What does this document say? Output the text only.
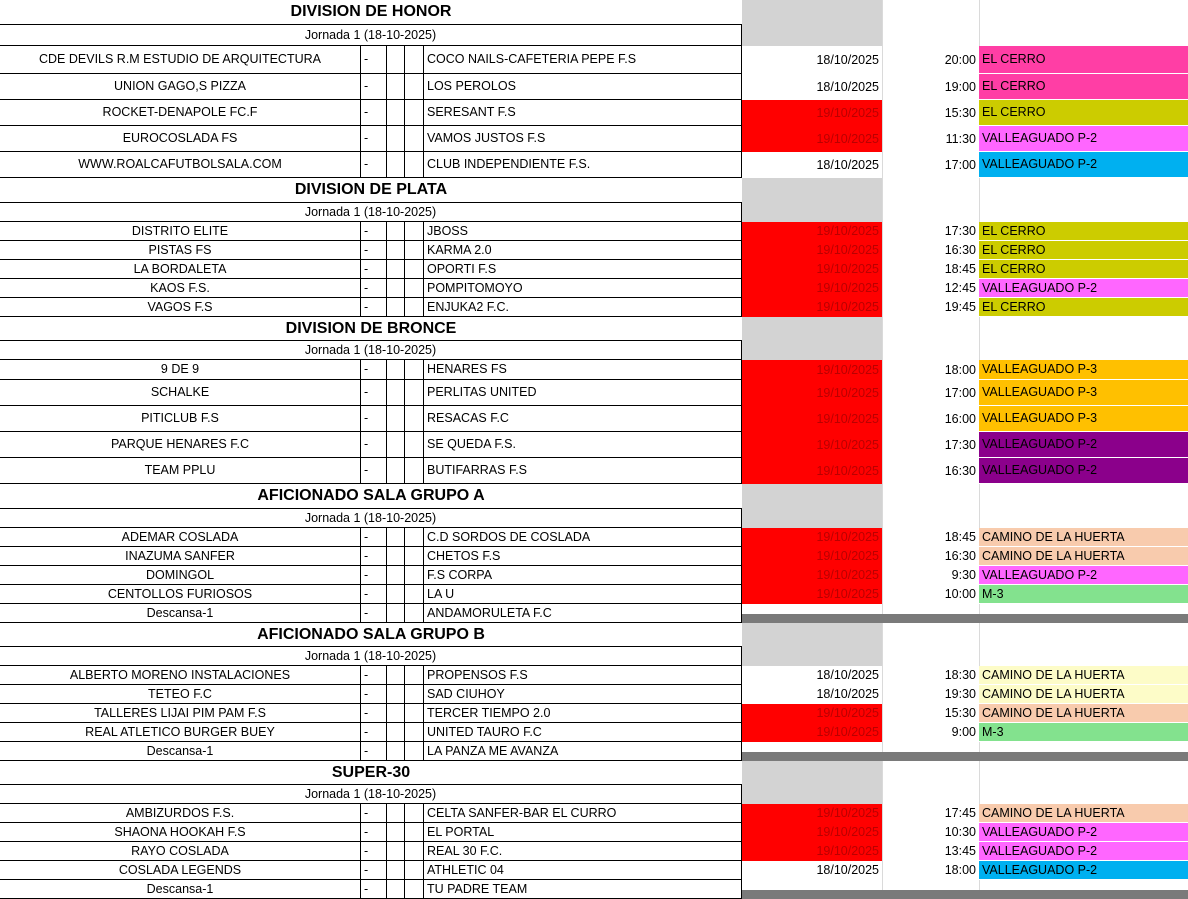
DIVISION DE HONOR
Jornada 1 (18-10-2025)
CDE DEVILS R.M ESTUDIO DE ARQUITECTURA	-	COCO NAILS-CAFETERIA PEPE F.S	18/10/2025	20:00 EL CERRO
UNION GAGO,S PIZZA	-	LOS PEROLOS	18/10/2025	19:00 EL CERRO
ROCKET-DENAPOLE FC.F	-	SERESANT F.S	19/10/2025	15:30 EL CERRO
EUROCOSLADA FS	-	VAMOS JUSTOS F.S	19/10/2025	11:30 VALLEAGUADO P-2
WWW.ROALCAFUTBOLSALA.COM	-	CLUB INDEPENDIENTE F.S.	18/10/2025	17:00 VALLEAGUADO P-2
DIVISION DE PLATA
Jornada 1 (18-10-2025)
DISTRITO ELITE	-	JBOSS	19/10/2025	17:30 EL CERRO
PISTAS FS	-	KARMA 2.0	19/10/2025	16:30 EL CERRO
LA BORDALETA	-	OPORTI F.S	19/10/2025	18:45 EL CERRO
KAOS F.S.	-	POMPITOMOYO	19/10/2025	12:45 VALLEAGUADO P-2
VAGOS F.S	-	ENJUKA2 F.C.	19/10/2025	19:45 EL CERRO
DIVISION DE BRONCE
Jornada 1 (18-10-2025)
9 DE 9	-	HENARES FS	19/10/2025	18:00 VALLEAGUADO P-3
SCHALKE	-	PERLITAS UNITED	19/10/2025	17:00 VALLEAGUADO P-3
PITICLUB F.S	-	RESACAS F.C	19/10/2025	16:00 VALLEAGUADO P-3
PARQUE HENARES F.C	-	SE QUEDA F.S.	19/10/2025	17:30 VALLEAGUADO P-2
TEAM PPLU	-	BUTIFARRAS F.S	19/10/2025	16:30 VALLEAGUADO P-2
AFICIONADO SALA GRUPO A
Jornada 1 (18-10-2025)
ADEMAR COSLADA	-	C.D SORDOS DE COSLADA	19/10/2025	18:45 CAMINO DE LA HUERTA
INAZUMA SANFER	-	CHETOS F.S	19/10/2025	16:30 CAMINO DE LA HUERTA
DOMINGOL	-	F.S CORPA	19/10/2025	9:30 VALLEAGUADO P-2
CENTOLLOS FURIOSOS	-	LA U	19/10/2025	10:00 M-3
Descansa-1	-	ANDAMORULETA F.C
AFICIONADO SALA GRUPO B
Jornada 1 (18-10-2025)
ALBERTO MORENO INSTALACIONES	-	PROPENSOS F.S	18/10/2025	18:30 CAMINO DE LA HUERTA
TETEO F.C	-	SAD CIUHOY	18/10/2025	19:30 CAMINO DE LA HUERTA
TALLERES LIJAI PIM PAM F.S	-	TERCER TIEMPO 2.0	19/10/2025	15:30 CAMINO DE LA HUERTA
REAL ATLETICO BURGER BUEY	-	UNITED TAURO F.C	19/10/2025	9:00 M-3
Descansa-1	-	LA PANZA ME AVANZA
SUPER-30
Jornada 1 (18-10-2025)
AMBIZURDOS F.S.	-	CELTA SANFER-BAR EL CURRO	19/10/2025	17:45 CAMINO DE LA HUERTA
SHAONA HOOKAH F.S	-	EL PORTAL	19/10/2025	10:30 VALLEAGUADO P-2
RAYO COSLADA	-	REAL 30 F.C.	19/10/2025	13:45 VALLEAGUADO P-2
COSLADA LEGENDS	-	ATHLETIC 04	18/10/2025	18:00 VALLEAGUADO P-2
Descansa-1	-	TU PADRE TEAM
